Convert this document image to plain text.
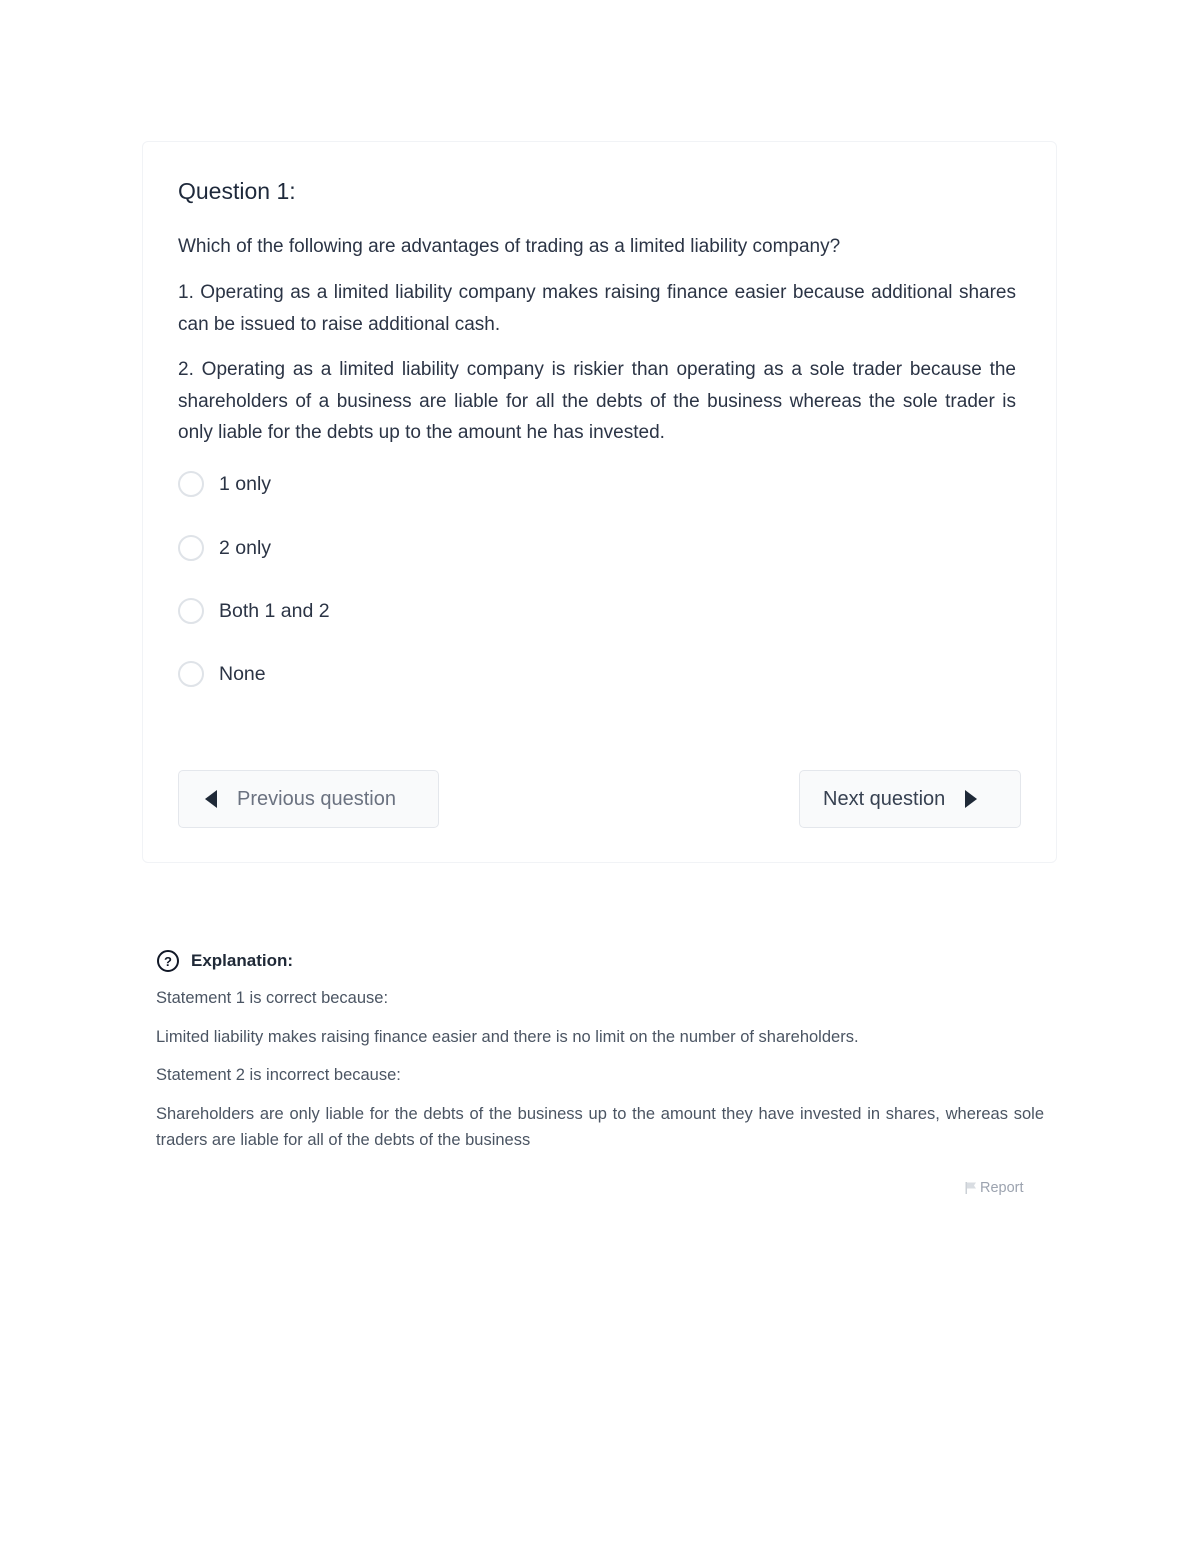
Question 1:

Which of the following are advantages of trading as a limited liability company?

1. Operating as a limited liability company makes raising finance easier because additional shares can be issued to raise additional cash.

2. Operating as a limited liability company is riskier than operating as a sole trader because the shareholders of a business are liable for all the debts of the business whereas the sole trader is only liable for the debts up to the amount he has invested.

1 only
2 only
Both 1 and 2
None
Previous question	Next question
?	Explanation:

Statement 1 is correct because:

Limited liability makes raising finance easier and there is no limit on the number of shareholders.

Statement 2 is incorrect because:

Shareholders are only liable for the debts of the business up to the amount they have invested in shares, whereas sole traders are liable for all of the debts of the business

Report
